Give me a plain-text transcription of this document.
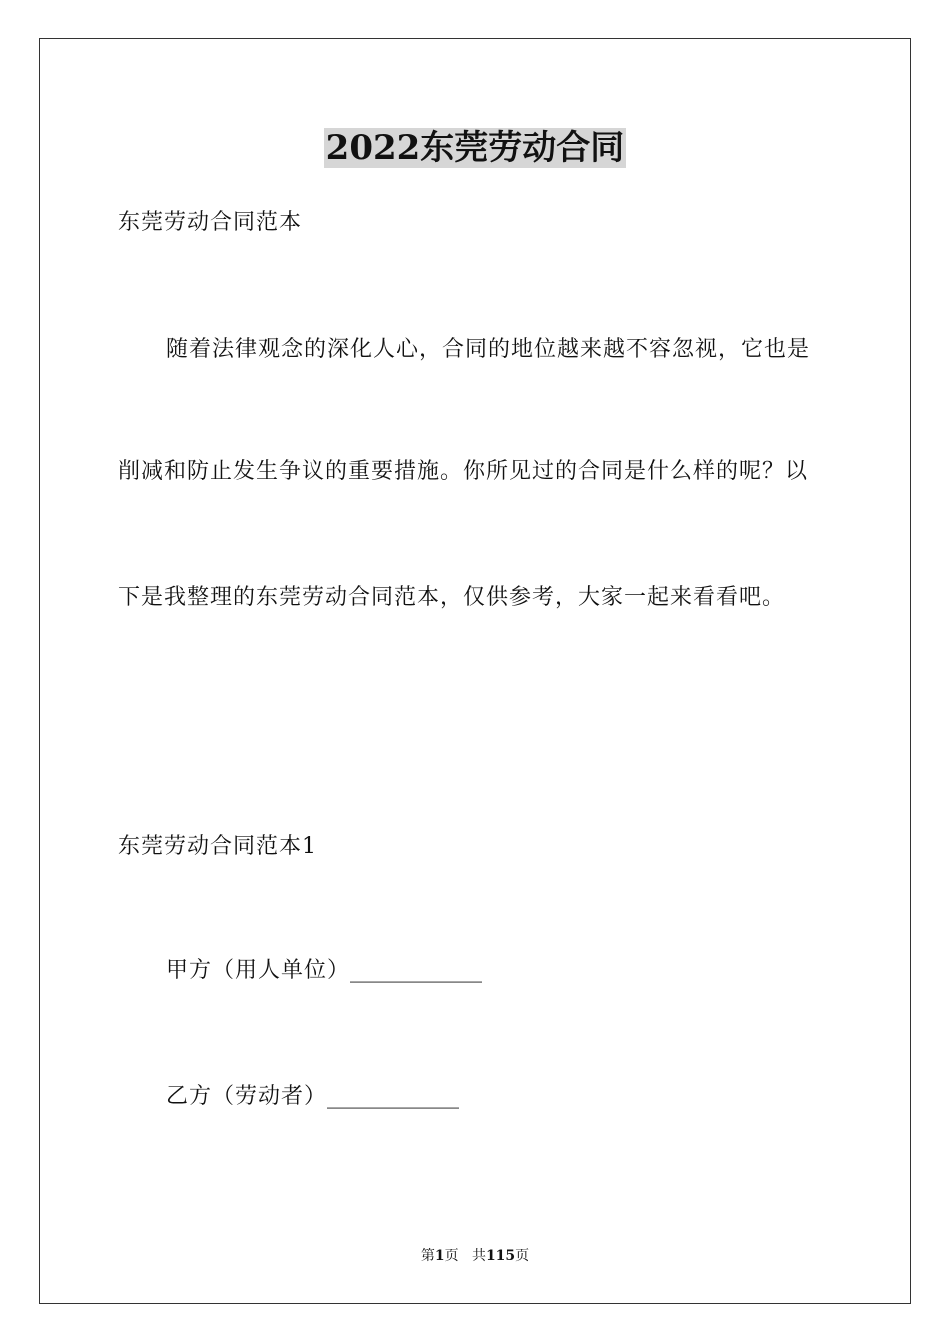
2022东莞劳动合同

东莞劳动合同范本

随着法律观念的深化人心，合同的地位越来越不容忽视，它也是

削减和防止发生争议的重要措施。你所见过的合同是什么样的呢？以

下是我整理的东莞劳动合同范本，仅供参考，大家一起来看看吧。

东莞劳动合同范本1

甲方（用人单位）____________

乙方（劳动者）____________

第1页 共115页
